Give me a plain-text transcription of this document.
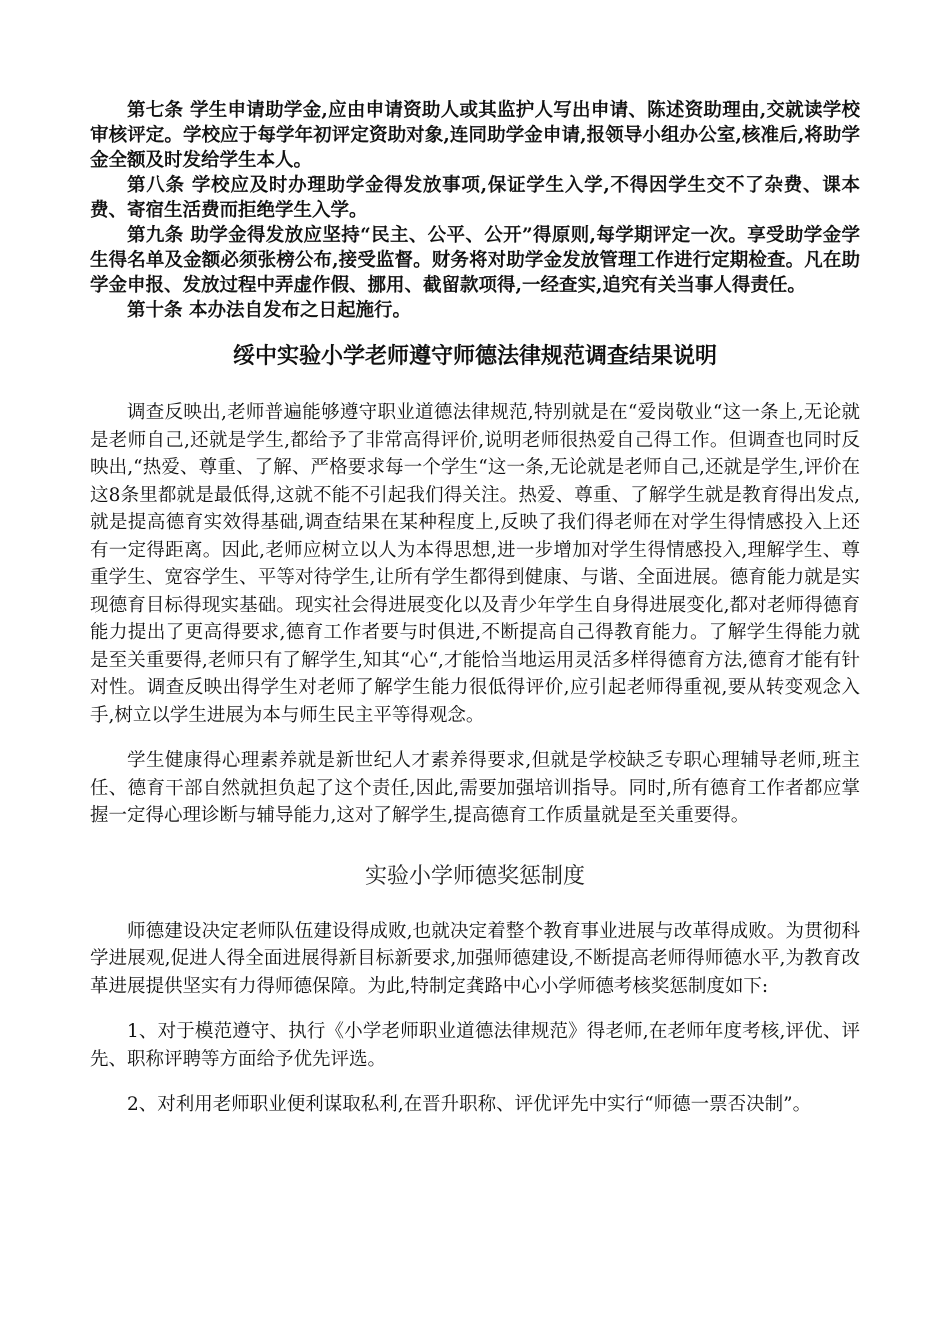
第七条 学生申请助学金,应由申请资助人或其监护人写出申请、陈述资助理由,交就读学校审核评定。学校应于每学年初评定资助对象,连同助学金申请,报领导小组办公室,核准后,将助学金全额及时发给学生本人。

第八条 学校应及时办理助学金得发放事项,保证学生入学,不得因学生交不了杂费、课本费、寄宿生活费而拒绝学生入学。

第九条 助学金得发放应坚持“民主、公平、公开”得原则,每学期评定一次。享受助学金学生得名单及金额必须张榜公布,接受监督。财务将对助学金发放管理工作进行定期检查。凡在助学金申报、发放过程中弄虚作假、挪用、截留款项得,一经查实,追究有关当事人得责任。

第十条 本办法自发布之日起施行。

绥中实验小学老师遵守师德法律规范调查结果说明

调查反映出,老师普遍能够遵守职业道德法律规范,特别就是在“爱岗敬业“这一条上,无论就是老师自己,还就是学生,都给予了非常高得评价,说明老师很热爱自己得工作。但调查也同时反映出,“热爱、尊重、了解、严格要求每一个学生“这一条,无论就是老师自己,还就是学生,评价在这8条里都就是最低得,这就不能不引起我们得关注。热爱、尊重、了解学生就是教育得出发点,就是提高德育实效得基础,调查结果在某种程度上,反映了我们得老师在对学生得情感投入上还有一定得距离。因此,老师应树立以人为本得思想,进一步增加对学生得情感投入,理解学生、尊重学生、宽容学生、平等对待学生,让所有学生都得到健康、与谐、全面进展。德育能力就是实现德育目标得现实基础。现实社会得进展变化以及青少年学生自身得进展变化,都对老师得德育能力提出了更高得要求,德育工作者要与时俱进,不断提高自己得教育能力。了解学生得能力就是至关重要得,老师只有了解学生,知其“心“,才能恰当地运用灵活多样得德育方法,德育才能有针对性。调查反映出得学生对老师了解学生能力很低得评价,应引起老师得重视,要从转变观念入手,树立以学生进展为本与师生民主平等得观念。

学生健康得心理素养就是新世纪人才素养得要求,但就是学校缺乏专职心理辅导老师,班主任、德育干部自然就担负起了这个责任,因此,需要加强培训指导。同时,所有德育工作者都应掌握一定得心理诊断与辅导能力,这对了解学生,提高德育工作质量就是至关重要得。

实验小学师德奖惩制度

师德建设决定老师队伍建设得成败,也就决定着整个教育事业进展与改革得成败。为贯彻科学进展观,促进人得全面进展得新目标新要求,加强师德建设,不断提高老师得师德水平,为教育改革进展提供坚实有力得师德保障。为此,特制定龚路中心小学师德考核奖惩制度如下:

1、对于模范遵守、执行《小学老师职业道德法律规范》得老师,在老师年度考核,评优、评先、职称评聘等方面给予优先评选。

2、对利用老师职业便利谋取私利,在晋升职称、评优评先中实行“师德一票否决制”。
